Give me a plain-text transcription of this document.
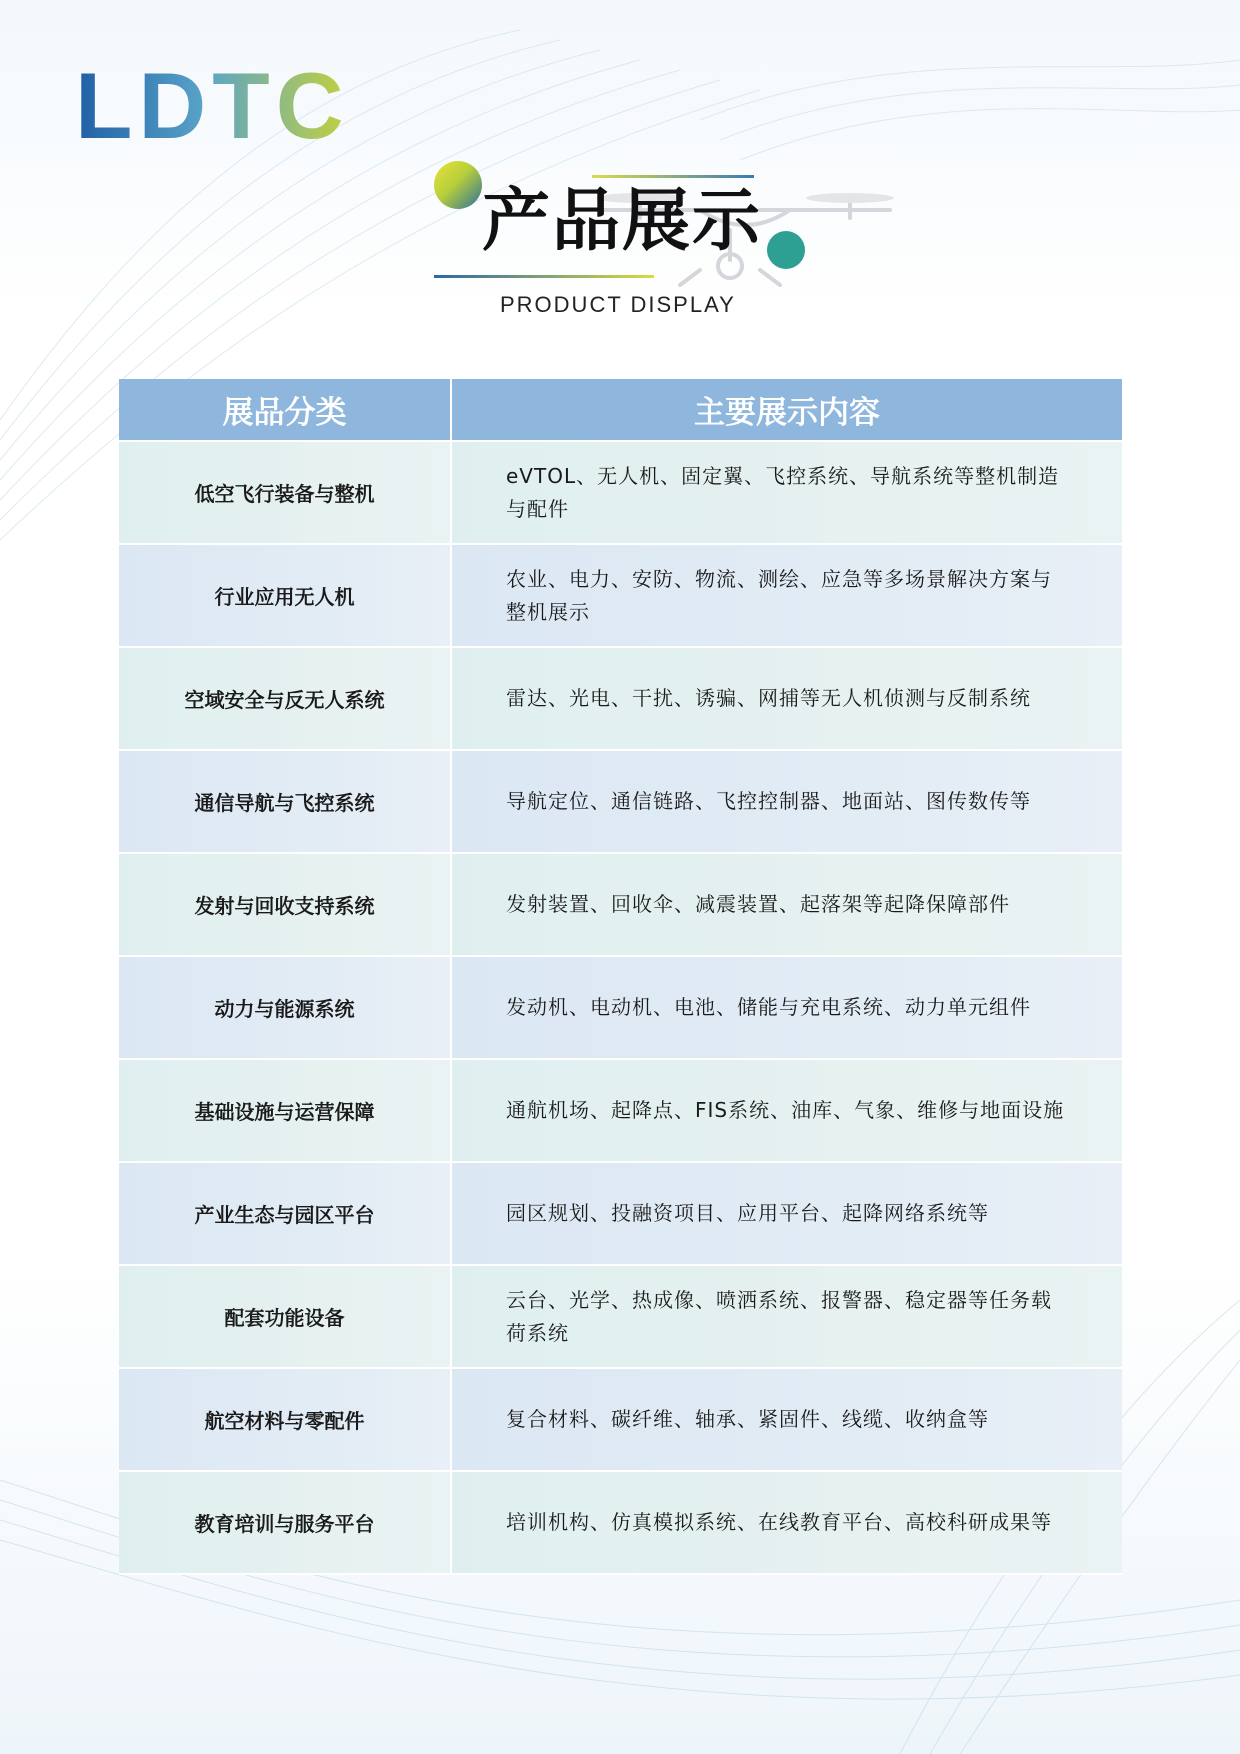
LDTC
产品展示
PRODUCT DISPLAY
展品分类	主要展示内容
低空飞行装备与整机	eVTOL、无人机、固定翼、飞控系统、导航系统等整机制造与配件
行业应用无人机	农业、电力、安防、物流、测绘、应急等多场景解决方案与整机展示
空域安全与反无人系统	雷达、光电、干扰、诱骗、网捕等无人机侦测与反制系统
通信导航与飞控系统	导航定位、通信链路、飞控控制器、地面站、图传数传等
发射与回收支持系统	发射装置、回收伞、减震装置、起落架等起降保障部件
动力与能源系统	发动机、电动机、电池、储能与充电系统、动力单元组件
基础设施与运营保障	通航机场、起降点、FIS系统、油库、气象、维修与地面设施
产业生态与园区平台	园区规划、投融资项目、应用平台、起降网络系统等
配套功能设备	云台、光学、热成像、喷洒系统、报警器、稳定器等任务载荷系统
航空材料与零配件	复合材料、碳纤维、轴承、紧固件、线缆、收纳盒等
教育培训与服务平台	培训机构、仿真模拟系统、在线教育平台、高校科研成果等
